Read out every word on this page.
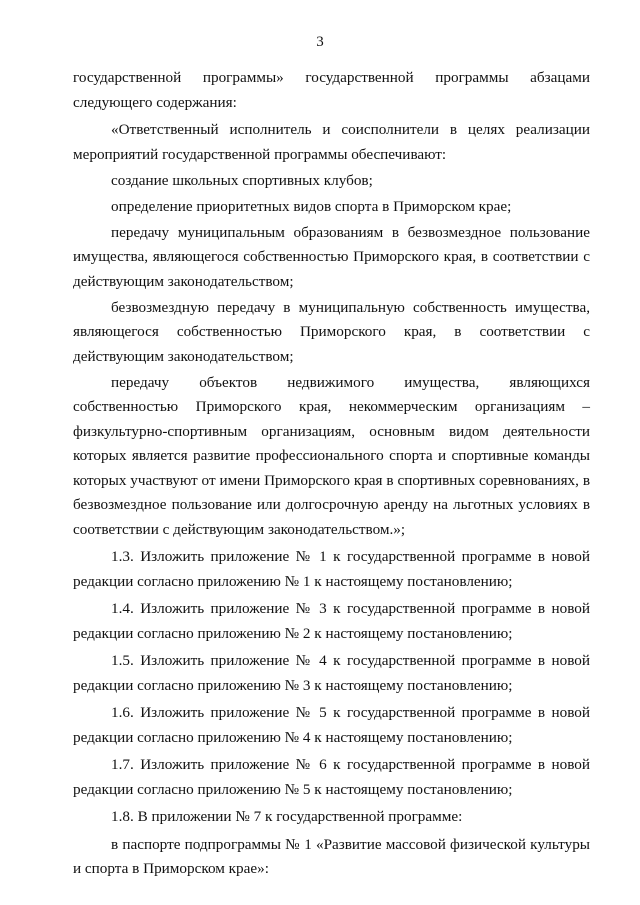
3

государственной программы» государственной программы абзацами следующего содержания:

«Ответственный исполнитель и соисполнители в целях реализации мероприятий государственной программы обеспечивают:

создание школьных спортивных клубов;

определение приоритетных видов спорта в Приморском крае;

передачу муниципальным образованиям в безвозмездное пользование имущества, являющегося собственностью Приморского края, в соответствии с действующим законодательством;

безвозмездную передачу в муниципальную собственность имущества, являющегося собственностью Приморского края, в соответствии с действующим законодательством;

передачу объектов недвижимого имущества, являющихся собственностью Приморского края, некоммерческим организациям – физкультурно-спортивным организациям, основным видом деятельности которых является развитие профессионального спорта и спортивные команды которых участвуют от имени Приморского края в спортивных соревнованиях, в безвозмездное пользование или долгосрочную аренду на льготных условиях в соответствии с действующим законодательством.»;

1.3. Изложить приложение № 1 к государственной программе в новой редакции согласно приложению № 1 к настоящему постановлению;

1.4. Изложить приложение № 3 к государственной программе в новой редакции согласно приложению № 2 к настоящему постановлению;

1.5. Изложить приложение № 4 к государственной программе в новой редакции согласно приложению № 3 к настоящему постановлению;

1.6. Изложить приложение № 5 к государственной программе в новой редакции согласно приложению № 4 к настоящему постановлению;

1.7. Изложить приложение № 6 к государственной программе в новой редакции согласно приложению № 5 к настоящему постановлению;

1.8. В приложении № 7 к государственной программе:

в паспорте подпрограммы № 1 «Развитие массовой физической культуры и спорта в Приморском крае»:
